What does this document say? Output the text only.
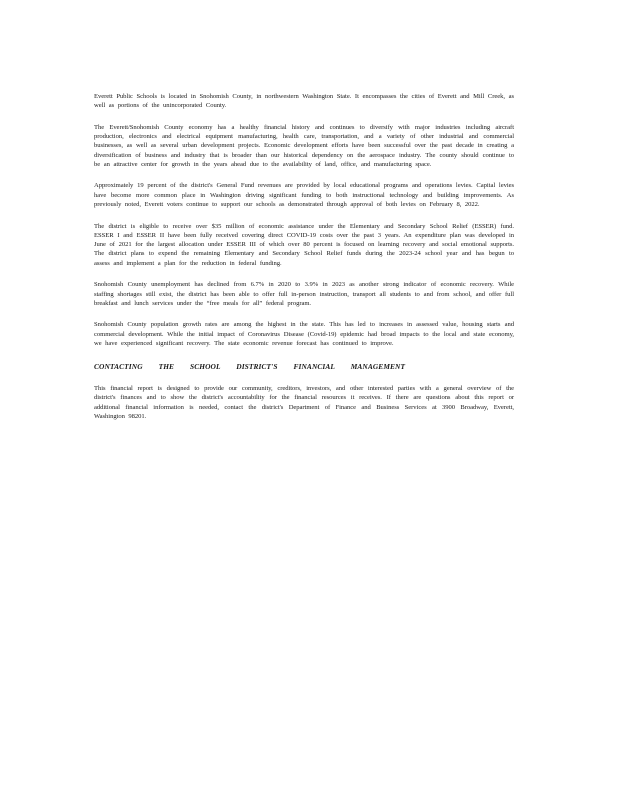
Everett Public Schools is located in Snohomish County, in northwestern Washington State. It encompasses the cities of Everett and Mill Creek, as well as portions of the unincorporated County.

The Everett/Snohomish County economy has a healthy financial history and continues to diversify with major industries including aircraft production, electronics and electrical equipment manufacturing, health care, transportation, and a variety of other industrial and commercial businesses, as well as several urban development projects. Economic development efforts have been successful over the past decade in creating a diversification of business and industry that is broader than our historical dependency on the aerospace industry. The county should continue to be an attractive center for growth in the years ahead due to the availability of land, office, and manufacturing space.

Approximately 19 percent of the district's General Fund revenues are provided by local educational programs and operations levies. Capital levies have become more common place in Washington driving significant funding to both instructional technology and building improvements. As previously noted, Everett voters continue to support our schools as demonstrated through approval of both levies on February 8, 2022.

The district is eligible to receive over $35 million of economic assistance under the Elementary and Secondary School Relief (ESSER) fund. ESSER I and ESSER II have been fully received covering direct COVID-19 costs over the past 3 years. An expenditure plan was developed in June of 2021 for the largest allocation under ESSER III of which over 80 percent is focused on learning recovery and social emotional supports. The district plans to expend the remaining Elementary and Secondary School Relief funds during the 2023-24 school year and has begun to assess and implement a plan for the reduction in federal funding.

Snohomish County unemployment has declined from 6.7% in 2020 to 3.9% in 2023 as another strong indicator of economic recovery. While staffing shortages still exist, the district has been able to offer full in-person instruction, transport all students to and from school, and offer full breakfast and lunch services under the “free meals for all” federal program.

Snohomish County population growth rates are among the highest in the state. This has led to increases in assessed value, housing starts and commercial development. While the initial impact of Coronavirus Disease (Covid-19) epidemic had broad impacts to the local and state economy, we have experienced significant recovery. The state economic revenue forecast has continued to improve.

CONTACTING THE SCHOOL DISTRICT'S FINANCIAL MANAGEMENT

This financial report is designed to provide our community, creditors, investors, and other interested parties with a general overview of the district's finances and to show the district's accountability for the financial resources it receives. If there are questions about this report or additional financial information is needed, contact the district's Department of Finance and Business Services at 3900 Broadway, Everett, Washington 98201.
